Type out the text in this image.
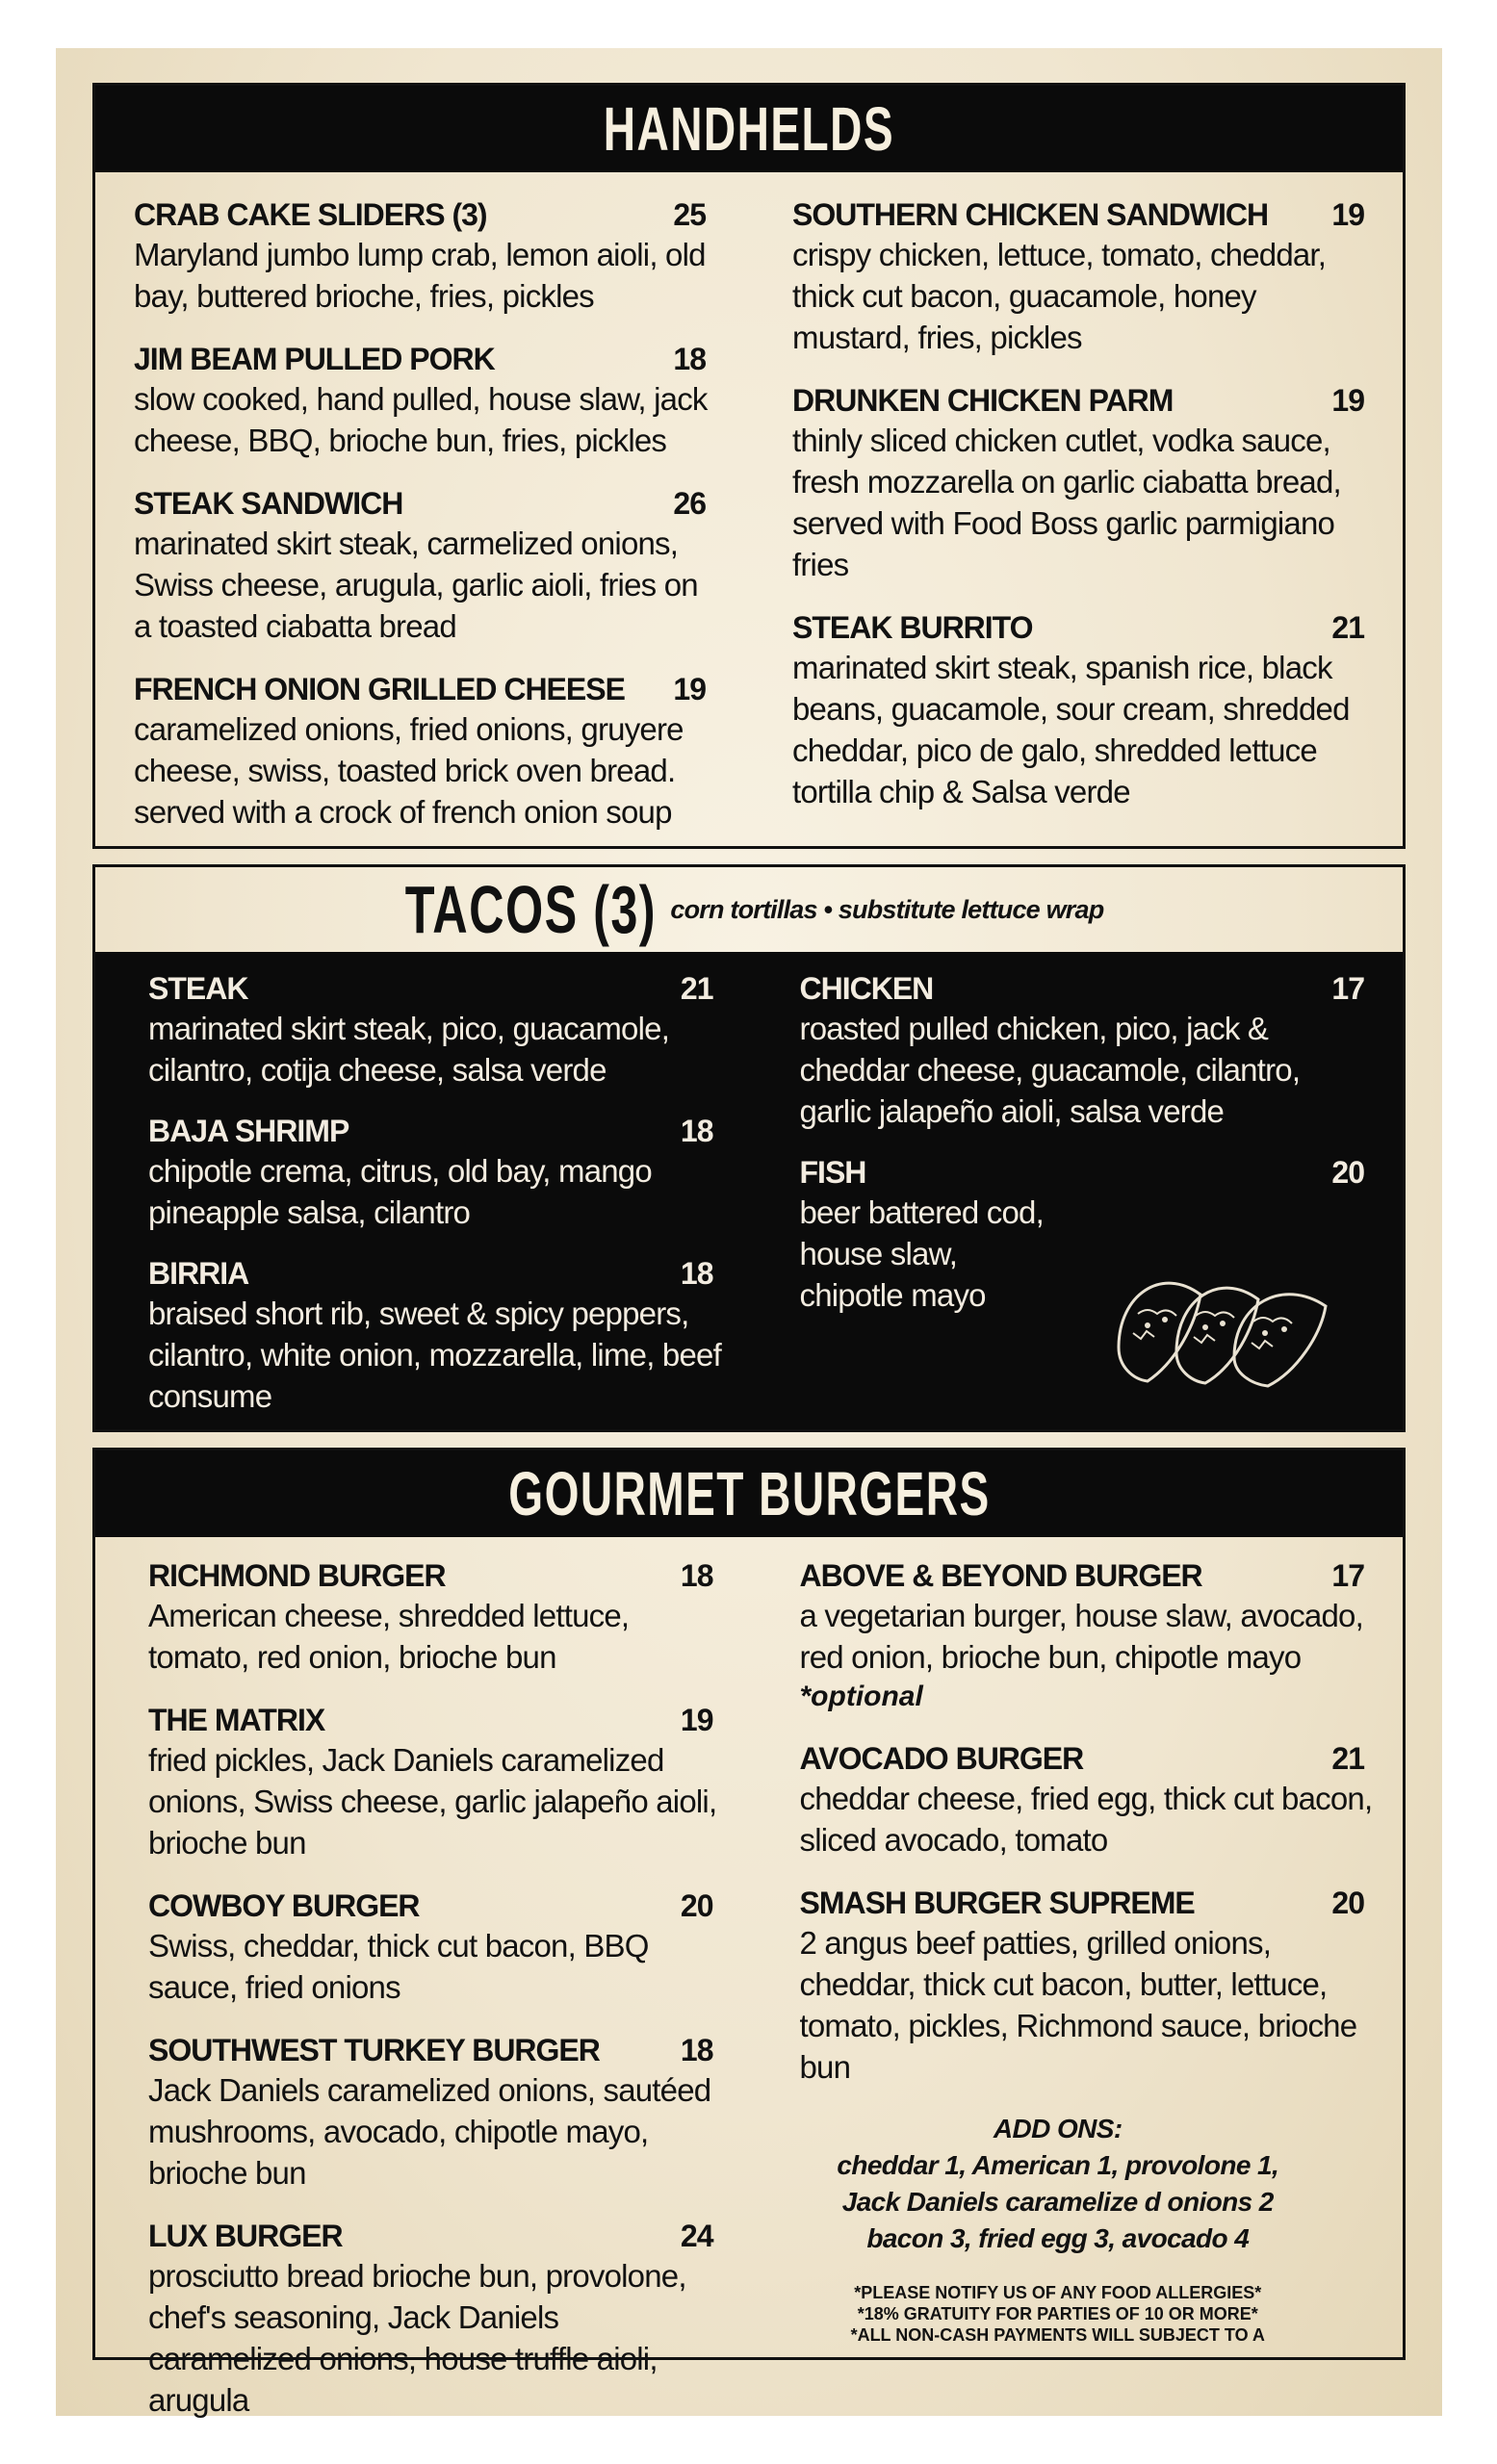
HANDHELDS
CRAB CAKE SLIDERS (3)	25
Maryland jumbo lump crab, lemon aioli, old bay, buttered brioche, fries, pickles
JIM BEAM PULLED PORK	18
slow cooked, hand pulled, house slaw, jack cheese, BBQ, brioche bun, fries, pickles
STEAK SANDWICH	26
marinated skirt steak, carmelized onions, Swiss cheese, arugula, garlic aioli, fries on a toasted ciabatta bread
FRENCH ONION GRILLED CHEESE 19
caramelized onions, fried onions, gruyere cheese, swiss, toasted brick oven bread. served with a crock of french onion soup
SOUTHERN CHICKEN SANDWICH 19
crispy chicken, lettuce, tomato, cheddar, thick cut bacon, guacamole, honey mustard, fries, pickles
DRUNKEN CHICKEN PARM	19
thinly sliced chicken cutlet, vodka sauce, fresh mozzarella on garlic ciabatta bread, served with Food Boss garlic parmigiano fries
STEAK BURRITO	21
marinated skirt steak, spanish rice, black beans, guacamole, sour cream, shredded cheddar, pico de galo, shredded lettuce tortilla chip & Salsa verde
TACOS (3) corn tortillas • substitute lettuce wrap
STEAK	21
marinated skirt steak, pico, guacamole, cilantro, cotija cheese, salsa verde
BAJA SHRIMP	18
chipotle crema, citrus, old bay, mango pineapple salsa, cilantro
BIRRIA	18
braised short rib, sweet & spicy peppers, cilantro, white onion, mozzarella, lime, beef consume
CHICKEN	17
roasted pulled chicken, pico, jack & cheddar cheese, guacamole, cilantro, garlic jalapeño aioli, salsa verde
FISH	20
beer battered cod,
house slaw,
chipotle mayo
GOURMET BURGERS
RICHMOND BURGER	18
American cheese, shredded lettuce, tomato, red onion, brioche bun
THE MATRIX	19
fried pickles, Jack Daniels caramelized onions, Swiss cheese, garlic jalapeño aioli, brioche bun
COWBOY BURGER	20
Swiss, cheddar, thick cut bacon, BBQ sauce, fried onions
SOUTHWEST TURKEY BURGER	18
Jack Daniels caramelized onions, sautéed mushrooms, avocado, chipotle mayo, brioche bun
LUX BURGER	24
prosciutto bread brioche bun, provolone, chef's seasoning, Jack Daniels caramelized onions, house truffle aioli, arugula
ABOVE & BEYOND BURGER	17
a vegetarian burger, house slaw, avocado, red onion, brioche bun, chipotle mayo
*optional
AVOCADO BURGER	21
cheddar cheese, fried egg, thick cut bacon, sliced avocado, tomato
SMASH BURGER SUPREME	20
2 angus beef patties, grilled onions, cheddar, thick cut bacon, butter, lettuce, tomato, pickles, Richmond sauce, brioche bun
ADD ONS:
cheddar 1, American 1, provolone 1,
Jack Daniels caramelize d onions 2
bacon 3, fried egg 3, avocado 4
*PLEASE NOTIFY US OF ANY FOOD ALLERGIES*
*18% GRATUITY FOR PARTIES OF 10 OR MORE*
*ALL NON-CASH PAYMENTS WILL SUBJECT TO A
